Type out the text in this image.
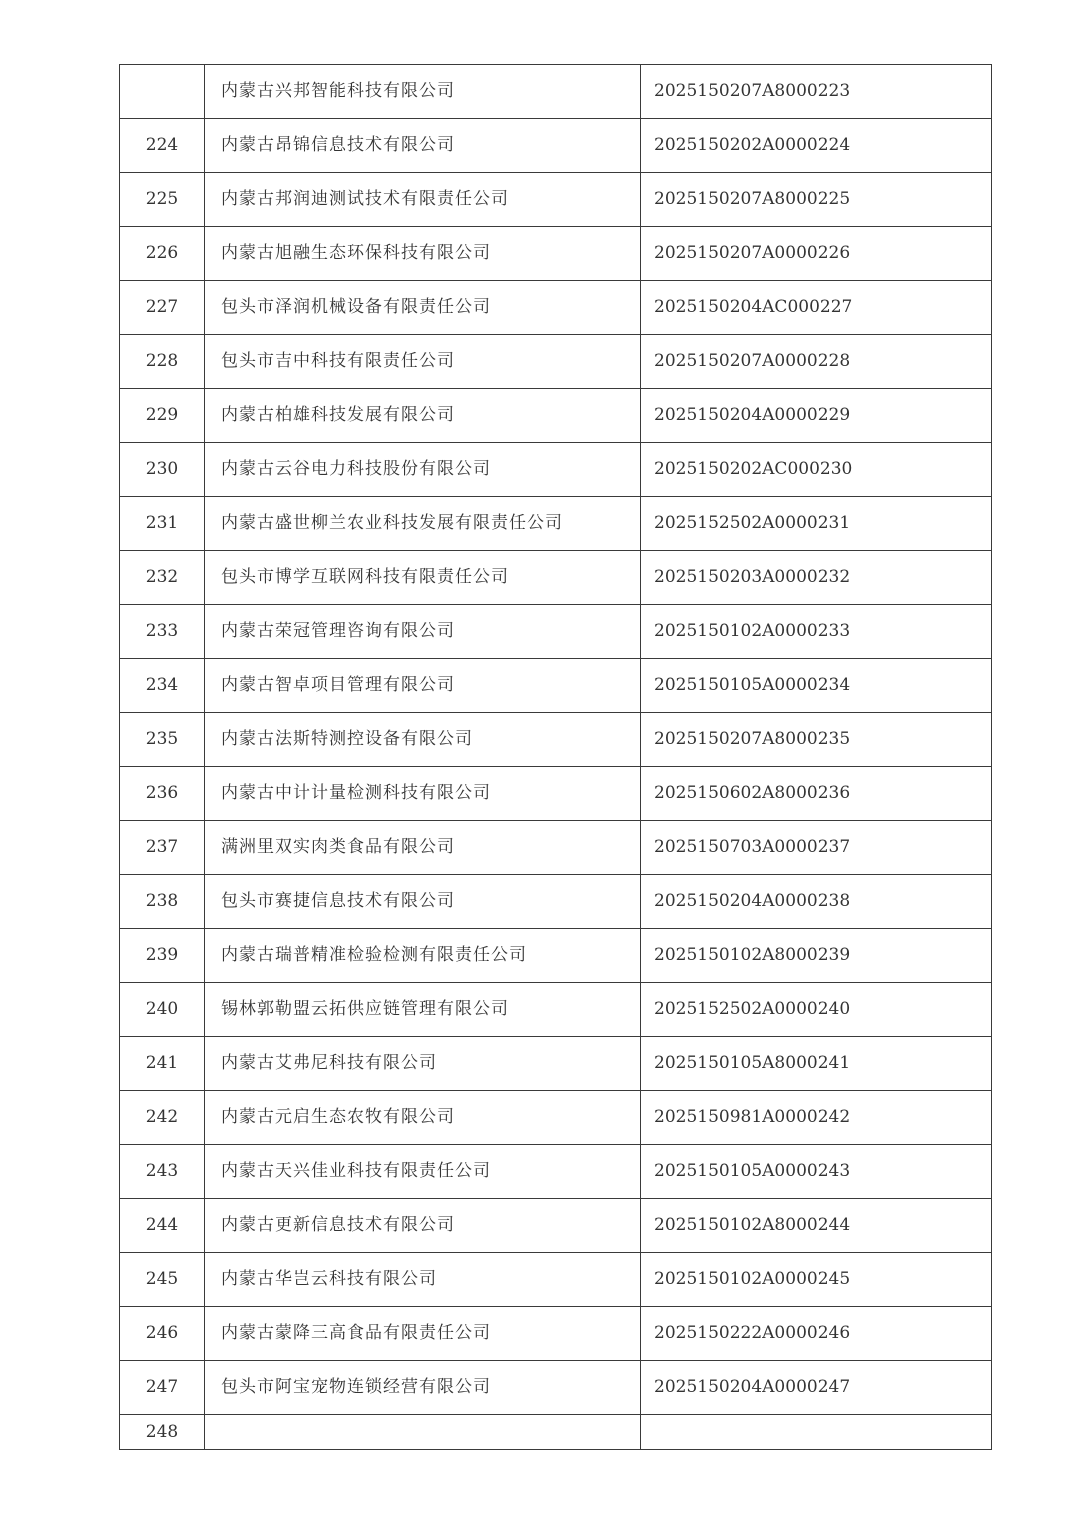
	内蒙古兴邦智能科技有限公司	2025150207A8000223
224	内蒙古昂锦信息技术有限公司	2025150202A0000224
225	内蒙古邦润迪测试技术有限责任公司	2025150207A8000225
226	内蒙古旭融生态环保科技有限公司	2025150207A0000226
227	包头市泽润机械设备有限责任公司	2025150204AC000227
228	包头市吉中科技有限责任公司	2025150207A0000228
229	内蒙古柏雄科技发展有限公司	2025150204A0000229
230	内蒙古云谷电力科技股份有限公司	2025150202AC000230
231	内蒙古盛世柳兰农业科技发展有限责任公司	2025152502A0000231
232	包头市博学互联网科技有限责任公司	2025150203A0000232
233	内蒙古荣冠管理咨询有限公司	2025150102A0000233
234	内蒙古智卓项目管理有限公司	2025150105A0000234
235	内蒙古法斯特测控设备有限公司	2025150207A8000235
236	内蒙古中计计量检测科技有限公司	2025150602A8000236
237	满洲里双实肉类食品有限公司	2025150703A0000237
238	包头市赛捷信息技术有限公司	2025150204A0000238
239	内蒙古瑞普精准检验检测有限责任公司	2025150102A8000239
240	锡林郭勒盟云拓供应链管理有限公司	2025152502A0000240
241	内蒙古艾弗尼科技有限公司	2025150105A8000241
242	内蒙古元启生态农牧有限公司	2025150981A0000242
243	内蒙古天兴佳业科技有限责任公司	2025150105A0000243
244	内蒙古更新信息技术有限公司	2025150102A8000244
245	内蒙古华岂云科技有限公司	2025150102A0000245
246	内蒙古蒙降三高食品有限责任公司	2025150222A0000246
247	包头市阿宝宠物连锁经营有限公司	2025150204A0000247
248		
